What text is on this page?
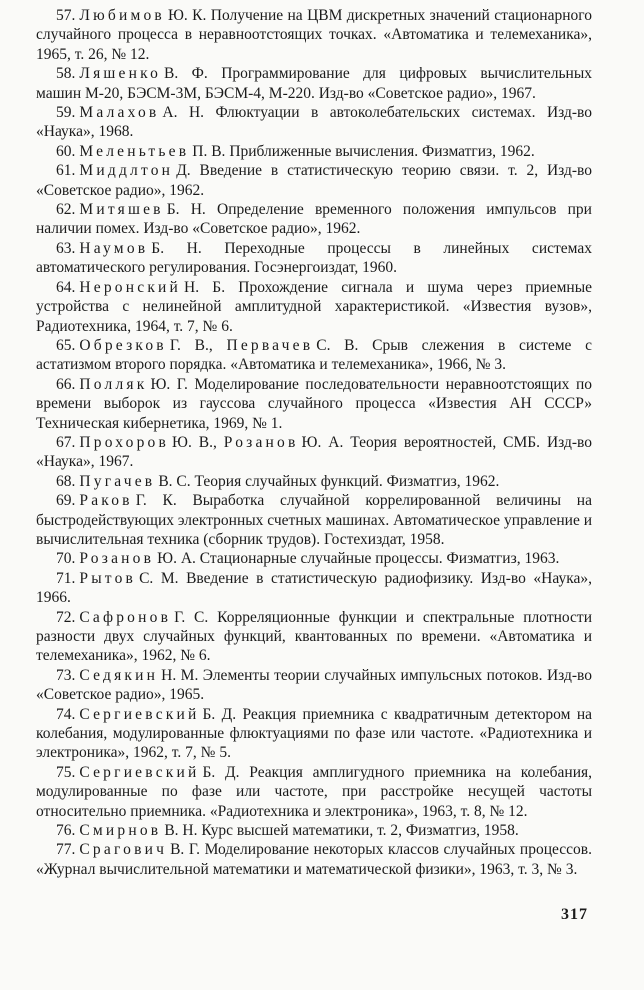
57. Любимов Ю. К. Получение на ЦВМ дискретных значений стационарного случайного процесса в неравноотстоящих точках. «Автоматика и телемеханика», 1965, т. 26, № 12.

58. Ляшенко В. Ф. Программирование для цифровых вычислительных машин М-20, БЭСМ-3М, БЭСМ-4, М-220. Изд-во «Советское радио», 1967.

59. Малахов А. Н. Флюктуации в автоколебательских системах. Изд-во «Наука», 1968.

60. Меленьтьев П. В. Приближенные вычисления. Физматгиз, 1962.

61. Миддлтон Д. Введение в статистическую теорию связи. т. 2, Изд-во «Советское радио», 1962.

62. Митяшев Б. Н. Определение временного положения импульсов при наличии помех. Изд-во «Советское радио», 1962.

63. Наумов Б. Н. Переходные процессы в линейных системах автоматического регулирования. Госэнергоиздат, 1960.

64. Неронский Н. Б. Прохождение сигнала и шума через приемные устройства с нелинейной амплитудной характеристикой. «Известия вузов», Радиотехника, 1964, т. 7, № 6.

65. Обрезков Г. В., Первачев С. В. Срыв слежения в системе с астатизмом второго порядка. «Автоматика и телемеханика», 1966, № 3.

66. Полляк Ю. Г. Моделирование последовательности неравноотстоящих по времени выборок из гауссова случайного процесса «Известия АН СССР» Техническая кибернетика, 1969, № 1.

67. Прохоров Ю. В., Розанов Ю. А. Теория вероятностей, СМБ. Изд-во «Наука», 1967.

68. Пугачев В. С. Теория случайных функций. Физматгиз, 1962.

69. Раков Г. К. Выработка случайной коррелированной величины на быстродействующих электронных счетных машинах. Автоматическое управление и вычислительная техника (сборник трудов). Гостехиздат, 1958.

70. Розанов Ю. А. Стационарные случайные процессы. Физматгиз, 1963.

71. Рытов С. М. Введение в статистическую радиофизику. Изд-во «Наука», 1966.

72. Сафронов Г. С. Корреляционные функции и спектральные плотности разности двух случайных функций, квантованных по времени. «Автоматика и телемеханика», 1962, № 6.

73. Седякин Н. М. Элементы теории случайных импульсных потоков. Изд-во «Советское радио», 1965.

74. Сергиевский Б. Д. Реакция приемника с квадратичным детектором на колебания, модулированные флюктуациями по фазе или частоте. «Радиотехника и электроника», 1962, т. 7, № 5.

75. Сергиевский Б. Д. Реакция амплигудного приемника на колебания, модулированные по фазе или частоте, при расстройке несущей частоты относительно приемника. «Радиотехника и электроника», 1963, т. 8, № 12.

76. Смирнов В. Н. Курс высшей математики, т. 2, Физматгиз, 1958.

77. Срагович В. Г. Моделирование некоторых классов случайных процессов. «Журнал вычислительной математики и математической физики», 1963, т. 3, № 3.

317
